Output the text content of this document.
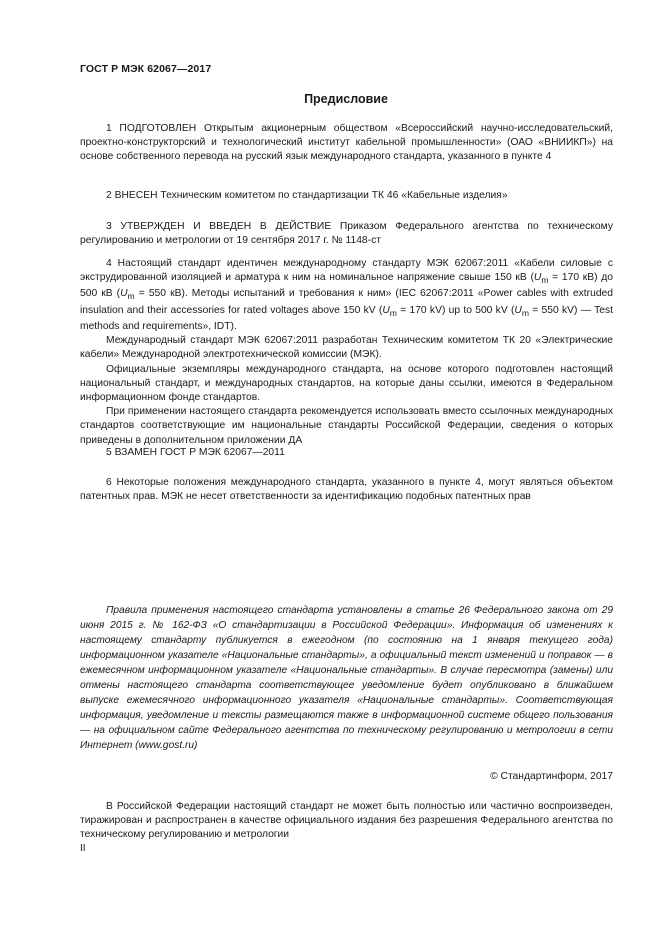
ГОСТ Р МЭК 62067—2017
Предисловие

1 ПОДГОТОВЛЕН Открытым акционерным обществом «Всероссийский научно-исследовательский, проектно-конструкторский и технологический институт кабельной промышленности» (ОАО «ВНИИКП») на основе собственного перевода на русский язык международного стандарта, указанного в пункте 4

2 ВНЕСЕН Техническим комитетом по стандартизации ТК 46 «Кабельные изделия»

3 УТВЕРЖДЕН И ВВЕДЕН В ДЕЙСТВИЕ Приказом Федерального агентства по техническому регулированию и метрологии от 19 сентября 2017 г. № 1148-ст

4 Настоящий стандарт идентичен международному стандарту МЭК 62067:2011 «Кабели силовые с экструдированной изоляцией и арматура к ним на номинальное напряжение свыше 150 кВ ($U_m = 170$ кВ) до 500 кВ ($U_m = 550$ кВ). Методы испытаний и требования к ним» (IEC 62067:2011 «Power cables with extruded insulation and their accessories for rated voltages above 150 kV ($U_m = 170$ kV) up to 500 kV ($U_m = 550$ kV) — Test methods and requirements», IDT).

Международный стандарт МЭК 62067:2011 разработан Техническим комитетом ТК 20 «Электрические кабели» Международной электротехнической комиссии (МЭК).

Официальные экземпляры международного стандарта, на основе которого подготовлен настоящий национальный стандарт, и международных стандартов, на которые даны ссылки, имеются в Федеральном информационном фонде стандартов.

При применении настоящего стандарта рекомендуется использовать вместо ссылочных международных стандартов соответствующие им национальные стандарты Российской Федерации, сведения о которых приведены в дополнительном приложении ДА

5 ВЗАМЕН ГОСТ Р МЭК 62067—2011

6 Некоторые положения международного стандарта, указанного в пункте 4, могут являться объектом патентных прав. МЭК не несет ответственности за идентификацию подобных патентных прав

Правила применения настоящего стандарта установлены в статье 26 Федерального закона от 29 июня 2015 г. № 162-ФЗ «О стандартизации в Российской Федерации». Информация об изменениях к настоящему стандарту публикуется в ежегодном (по состоянию на 1 января текущего года) информационном указателе «Национальные стандарты», а официальный текст изменений и поправок — в ежемесячном информационном указателе «Национальные стандарты». В случае пересмотра (замены) или отмены настоящего стандарта соответствующее уведомление будет опубликовано в ближайшем выпуске ежемесячного информационного указателя «Национальные стандарты». Соответствующая информация, уведомление и тексты размещаются также в информационной системе общего пользования — на официальном сайте Федерального агентства по техническому регулированию и метрологии в сети Интернет (www.gost.ru)

© Стандартинформ, 2017

В Российской Федерации настоящий стандарт не может быть полностью или частично воспроизведен, тиражирован и распространен в качестве официального издания без разрешения Федерального агентства по техническому регулированию и метрологии

II
